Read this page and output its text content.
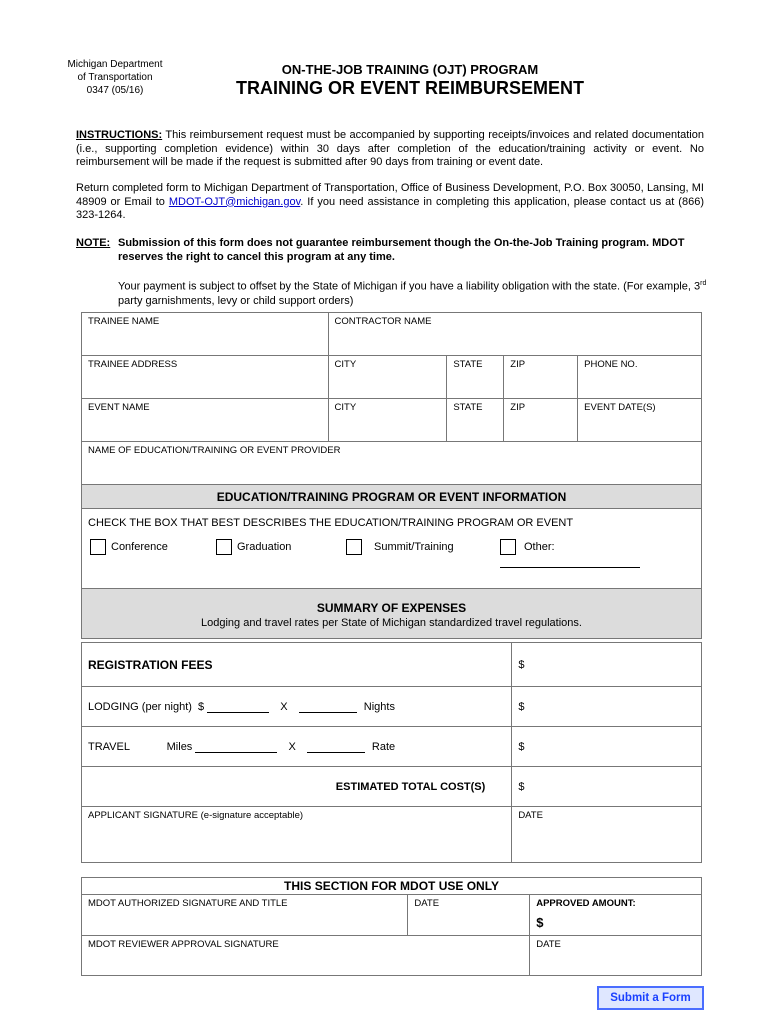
Michigan Department
of Transportation
0347 (05/16)
ON-THE-JOB TRAINING (OJT) PROGRAM
TRAINING OR EVENT REIMBURSEMENT
INSTRUCTIONS: This reimbursement request must be accompanied by supporting receipts/invoices and related documentation (i.e., supporting completion evidence) within 30 days after completion of the education/training activity or event. No reimbursement will be made if the request is submitted after 90 days from training or event date.
Return completed form to Michigan Department of Transportation, Office of Business Development, P.O. Box 30050, Lansing, MI 48909 or Email to MDOT-OJT@michigan.gov. If you need assistance in completing this application, please contact us at (866) 323-1264.
NOTE: Submission of this form does not guarantee reimbursement though the On-the-Job Training program. MDOT reserves the right to cancel this program at any time.
Your payment is subject to offset by the State of Michigan if you have a liability obligation with the state. (For example, 3rd party garnishments, levy or child support orders)
TRAINEE NAME	CONTRACTOR NAME			
TRAINEE ADDRESS	CITY	STATE	ZIP	PHONE NO.
EVENT NAME	CITY	STATE	ZIP	EVENT DATE(S)
NAME OF EDUCATION/TRAINING OR EVENT PROVIDER				
EDUCATION/TRAINING PROGRAM OR EVENT INFORMATION				

CHECK THE BOX THAT BEST DESCRIBES THE EDUCATION/TRAINING PROGRAM OR EVENT
Conference Graduation Summit/Training Other:				

SUMMARY OF EXPENSES
Lodging and travel rates per State of Michigan standardized travel regulations.				
REGISTRATION FEES	$
LODGING (per night) $ X Nights	$
TRAVEL Miles X Rate	$
ESTIMATED TOTAL COST(S)	$
APPLICANT SIGNATURE (e-signature acceptable)	DATE
THIS SECTION FOR MDOT USE ONLY		
MDOT AUTHORIZED SIGNATURE AND TITLE	DATE	APPROVED AMOUNT:
$

MDOT REVIEWER APPROVAL SIGNATURE		DATE
Submit a Form
